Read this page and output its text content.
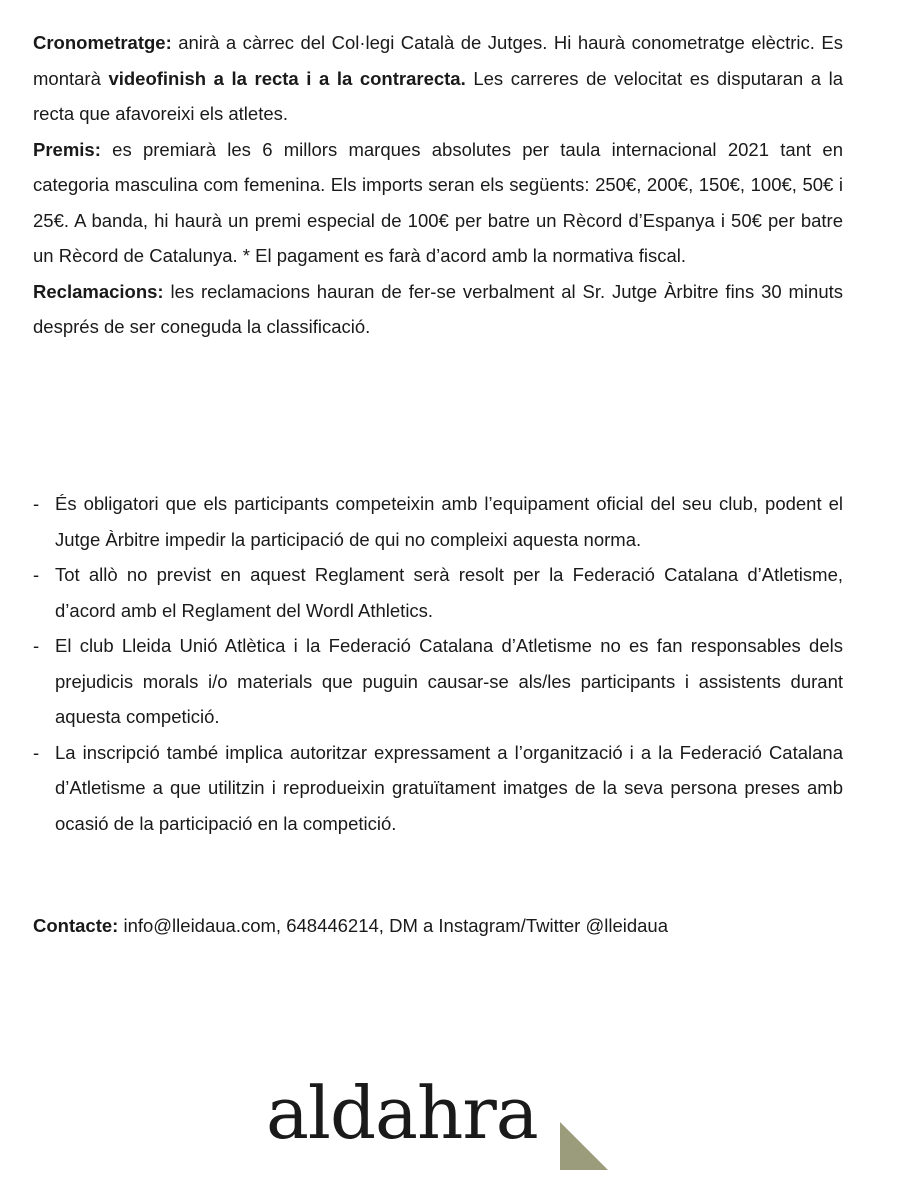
Cronometratge: anirà a càrrec del Col·legi Català de Jutges. Hi haurà conometratge elèctric. Es montarà videofinish a la recta i a la contrarecta. Les carreres de velocitat es disputaran a la recta que afavoreixi els atletes.

Premis: es premiarà les 6 millors marques absolutes per taula internacional 2021 tant en categoria masculina com femenina. Els imports seran els següents: 250€, 200€, 150€, 100€, 50€ i 25€. A banda, hi haurà un premi especial de 100€ per batre un Rècord d’Espanya i 50€ per batre un Rècord de Catalunya. * El pagament es farà d’acord amb la normativa fiscal.

Reclamacions: les reclamacions hauran de fer-se verbalment al Sr. Jutge Àrbitre fins 30 minuts després de ser coneguda la classificació.

- És obligatori que els participants competeixin amb l’equipament oficial del seu club, podent el Jutge Àrbitre impedir la participació de qui no compleixi aquesta norma.
- Tot allò no previst en aquest Reglament serà resolt per la Federació Catalana d’Atletisme, d’acord amb el Reglament del Wordl Athletics.
- El club Lleida Unió Atlètica i la Federació Catalana d’Atletisme no es fan responsables dels prejudicis morals i/o materials que puguin causar-se als/les participants i assistents durant aquesta competició.
- La inscripció també implica autoritzar expressament a l’organització i a la Federació Catalana d’Atletisme a que utilitzin i reprodueixin gratuïtament imatges de la seva persona preses amb ocasió de la participació en la competició.
Contacte: info@lleidaua.com, 648446214, DM a Instagram/Twitter @lleidaua
aldahra
